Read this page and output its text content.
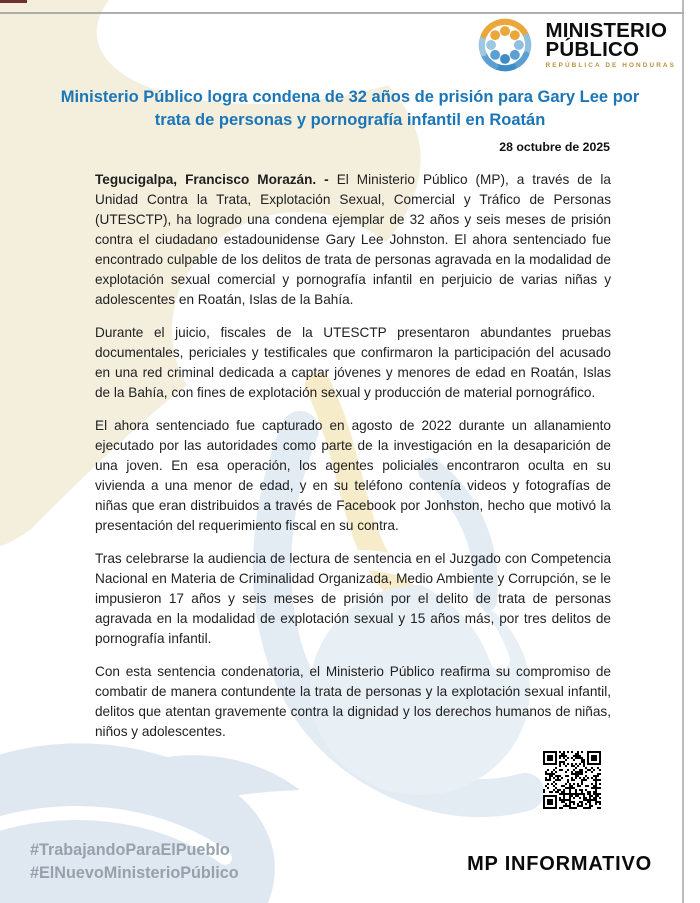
MINISTERIO
PÚBLICO
REPÚBLICA DE HONDURAS
Ministerio Público logra condena de 32 años de prisión para Gary Lee por trata de personas y pornografía infantil en Roatán
28 octubre de 2025

Tegucigalpa, Francisco Morazán. - El Ministerio Público (MP), a través de la Unidad Contra la Trata, Explotación Sexual, Comercial y Tráfico de Personas (UTESCTP), ha logrado una condena ejemplar de 32 años y seis meses de prisión contra el ciudadano estadounidense Gary Lee Johnston. El ahora sentenciado fue encontrado culpable de los delitos de trata de personas agravada en la modalidad de explotación sexual comercial y pornografía infantil en perjuicio de varias niñas y adolescentes en Roatán, Islas de la Bahía.

Durante el juicio, fiscales de la UTESCTP presentaron abundantes pruebas documentales, periciales y testificales que confirmaron la participación del acusado en una red criminal dedicada a captar jóvenes y menores de edad en Roatán, Islas de la Bahía, con fines de explotación sexual y producción de material pornográfico.

El ahora sentenciado fue capturado en agosto de 2022 durante un allanamiento ejecutado por las autoridades como parte de la investigación en la desaparición de una joven. En esa operación, los agentes policiales encontraron oculta en su vivienda a una menor de edad, y en su teléfono contenía videos y fotografías de niñas que eran distribuidos a través de Facebook por Jonhston, hecho que motivó la presentación del requerimiento fiscal en su contra.

Tras celebrarse la audiencia de lectura de sentencia en el Juzgado con Competencia Nacional en Materia de Criminalidad Organizada, Medio Ambiente y Corrupción, se le impusieron 17 años y seis meses de prisión por el delito de trata de personas agravada en la modalidad de explotación sexual y 15 años más, por tres delitos de pornografía infantil.

Con esta sentencia condenatoria, el Ministerio Público reafirma su compromiso de combatir de manera contundente la trata de personas y la explotación sexual infantil, delitos que atentan gravemente contra la dignidad y los derechos humanos de niñas, niños y adolescentes.

#TrabajandoParaElPueblo
#ElNuevoMinisterioPúblico	MP INFORMATIVO
